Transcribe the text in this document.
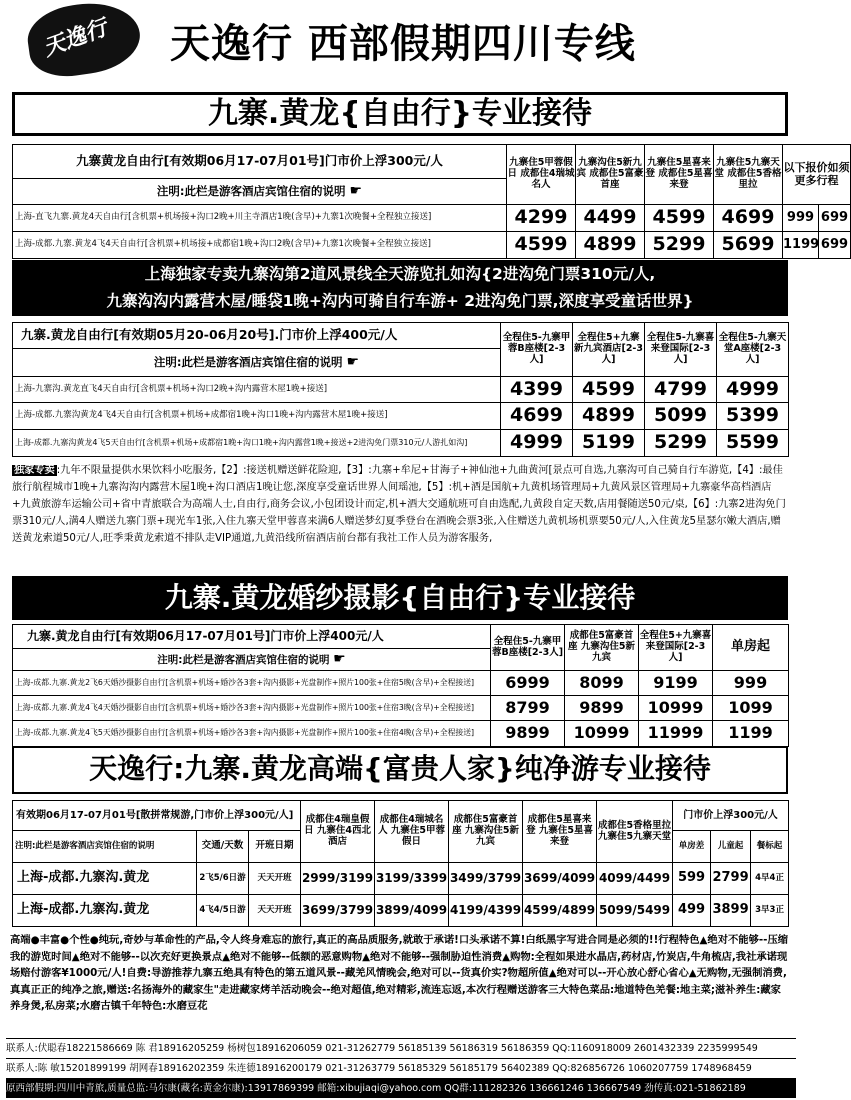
天逸行 天逸行 西部假期四川专线
九寨.黄龙{自由行}专业接待
九寨黄龙自由行[有效期06月17-07月01号]门市价上浮300元/人	九寨住5甲蓉假日 成都住4瑞城名人	九寨沟住5新九宾 成都住5富豪首座	九寨住5星喜来登 成都住5星喜来登	九寨住5九寨天堂 成都住5香格里拉	以下报价如须更多行程	
注明:此栏是游客酒店宾馆住宿的说明 ☛						
上海-直飞九寨.黄龙4天自由行[含机票+机场接+沟口2晚+川主寺酒店1晚(含早)+九寨1次晚餐+全程独立接送]	4299	4499	4599	4699	999	699
上海-成都.九寨.黄龙4飞4天自由行[含机票+机场接+成都宿1晚+沟口2晚(含早)+九寨1次晚餐+全程独立接送]	4599	4899	5299	5699	1199	699
上海独家专卖九寨沟第2道风景线全天游览扎如沟{2进沟免门票310元/人,
九寨沟沟内露营木屋/睡袋1晚+沟内可骑自行车游+ 2进沟免门票,深度享受童话世界}
九寨.黄龙自由行[有效期05月20-06月20号].门市价上浮400元/人	全程住5-九寨甲蓉B座楼[2-3人]	全程住5+九寨新九宾酒店[2-3人]	全程住5-九寨喜来登国际[2-3人]	全程住5-九寨天堂A座楼[2-3人]
注明:此栏是游客酒店宾馆住宿的说明 ☛				
上海-九寨沟.黄龙直飞4天自由行[含机票+机场+沟口2晚+沟内露营木屋1晚+接送]	4399	4599	4799	4999
上海-成都.九寨沟黄龙4飞4天自由行[含机票+机场+成都宿1晚+沟口1晚+沟内露营木屋1晚+接送]	4699	4899	5099	5399
上海-成都.九寨沟黄龙4飞5天自由行[含机票+机场+成都宿1晚+沟口1晚+沟内露营1晚+接送+2进沟免门票310元/人游扎如沟]	4999	5199	5299	5599
独家专卖 :九年不限量提供水果饮料小吃服务,【2】:接送机赠送鲜花险迎,【3】:九寨+牟尼+甘海子+神仙池+九曲黄河[景点可自选,九寨沟可自己骑自行车游览,【4】:最佳旅行航程城市1晚+九寨沟沟内露营木屋1晚+沟口酒店1晚让您,深度享受童话世界人间瑶池,【5】:机+酒是国航+九黄机场管理局+九黄风景区管理局+九寨豪华高档酒店+九黄旅游车运输公司+省中青旅联合为高端人士,自由行,商务会议,小包团设计而定,机+酒大交通航班可自由选配,九黄段自定天数,店用餐随送50元/桌,【6】:九寨2进沟免门票310元/人,满4人赠送九寨门票+现光车1张,入住九寨天堂甲蓉喜来满6人赠送梦幻夏季登台在酒晚会票3张,入住赠送九黄机场机票要50元/人,入住黄龙5星瑟尔嫩大酒店,赠送黄龙索道50元/人,旺季秉黄龙索道不排队走VIP通道,九黄沿线所宿酒店前台都有我社工作人员为游客服务,
九寨.黄龙婚纱摄影{自由行}专业接待
九寨.黄龙自由行[有效期06月17-07月01号]门市价上浮400元/人	全程住5-九寨甲蓉B座楼[2-3人]	成都住5富豪首座 九寨沟住5新九宾	全程住5+九寨喜来登国际[2-3人]	单房起
注明:此栏是游客酒店宾馆住宿的说明 ☛				
上海-成都.九寨.黄龙2飞6天婚沙摄影自由行[含机票+机场+婚沙各3套+沟内摄影+光盘制作+照片100张+住宿5晚(含早)+全程接送]	6999	8099	9199	999
上海-成都.九寨.黄龙4飞4天婚沙摄影自由行[含机票+机场+婚沙各3套+沟内摄影+光盘制作+照片100张+住宿3晚(含早)+全程接送]	8799	9899	10999	1099
上海-成都.九寨.黄龙4飞5天婚沙摄影自由行[含机票+机场+婚沙各3套+沟内摄影+光盘制作+照片100张+住宿4晚(含早)+全程接送]	9899	10999	11999	1199
天逸行:九寨.黄龙高端{富贵人家}纯净游专业接待
有效期06月17-07月01号[散拼常规游,门市价上浮300元/人]			成都住4瑞皇假日 九寨住4西北酒店	成都住4瑞城名人 九寨住5甲蓉假日	成都住5富豪首座 九寨沟住5新九宾	成都住5星喜来登 九寨住5星喜来登	成都住5香格里拉 九寨住5九寨天堂	门市价上浮300元/人		
注明:此栏是游客酒店宾馆住宿的说明	交通/天数	开班日期						单房差	儿童起	餐标起
上海-成都.九寨沟.黄龙	2飞5/6日游	天天开班	2999/3199	3199/3399	3499/3799	3699/4099	4099/4499	599	2799	4早4正
上海-成都.九寨沟.黄龙	4飞4/5日游	天天开班	3699/3799	3899/4099	4199/4399	4599/4899	5099/5499	499	3899	3早3正
高端●丰富●个性●纯玩,奇妙与革命性的产品,令人终身难忘的旅行,真正的高品质服务,就敢于承诺!口头承诺不算!白纸黑字写进合同是必须的!!行程特色▲绝对不能够--压缩我的游览时间▲绝对不能够--以次充好更换景点▲绝对不能够--低额的恶意购物▲绝对不能够--强制胁迫性消费▲购物:全程如果进水晶店,药材店,竹炭店,牛角梳店,我社承诺现场赔付游客¥1000元/人!自费:导游推荐九寨五绝具有特色的第五道风景--藏羌风情晚会,绝对可以--货真价实?物超所值▲绝对可以--开心放心舒心省心▲无购物,无强制消费,真真正正的纯净之旅,赠送:名扬海外的藏家生"走进藏家烤羊活动晚会--绝对超值,绝对精彩,流连忘返,本次行程赠送游客三大特色菜品:地道特色羌餐:地主菜;滋补养生:藏家养身煲,私房菜;水磨古镇千年特色:水磨豆花
联系人:伏聪春18221586669 陈 君18916205259 杨树包18916206059 021-31262779 56185139 56186319 56186359 QQ:1160918009 2601432339 2235999549
联系人:陈 敏15201899199 胡网春18916202359 朱连德18916200179 021-31263779 56185329 56185179 56402389 QQ:826856726 1060207759 1748968459
原西部假期:四川中青旅,质量总监:马尔康(藏名:黄金尔康):13917869399 邮箱:xibujiaqi@yahoo.com QQ群:111282326 136661246 136667549 劲传真:021-51862189
